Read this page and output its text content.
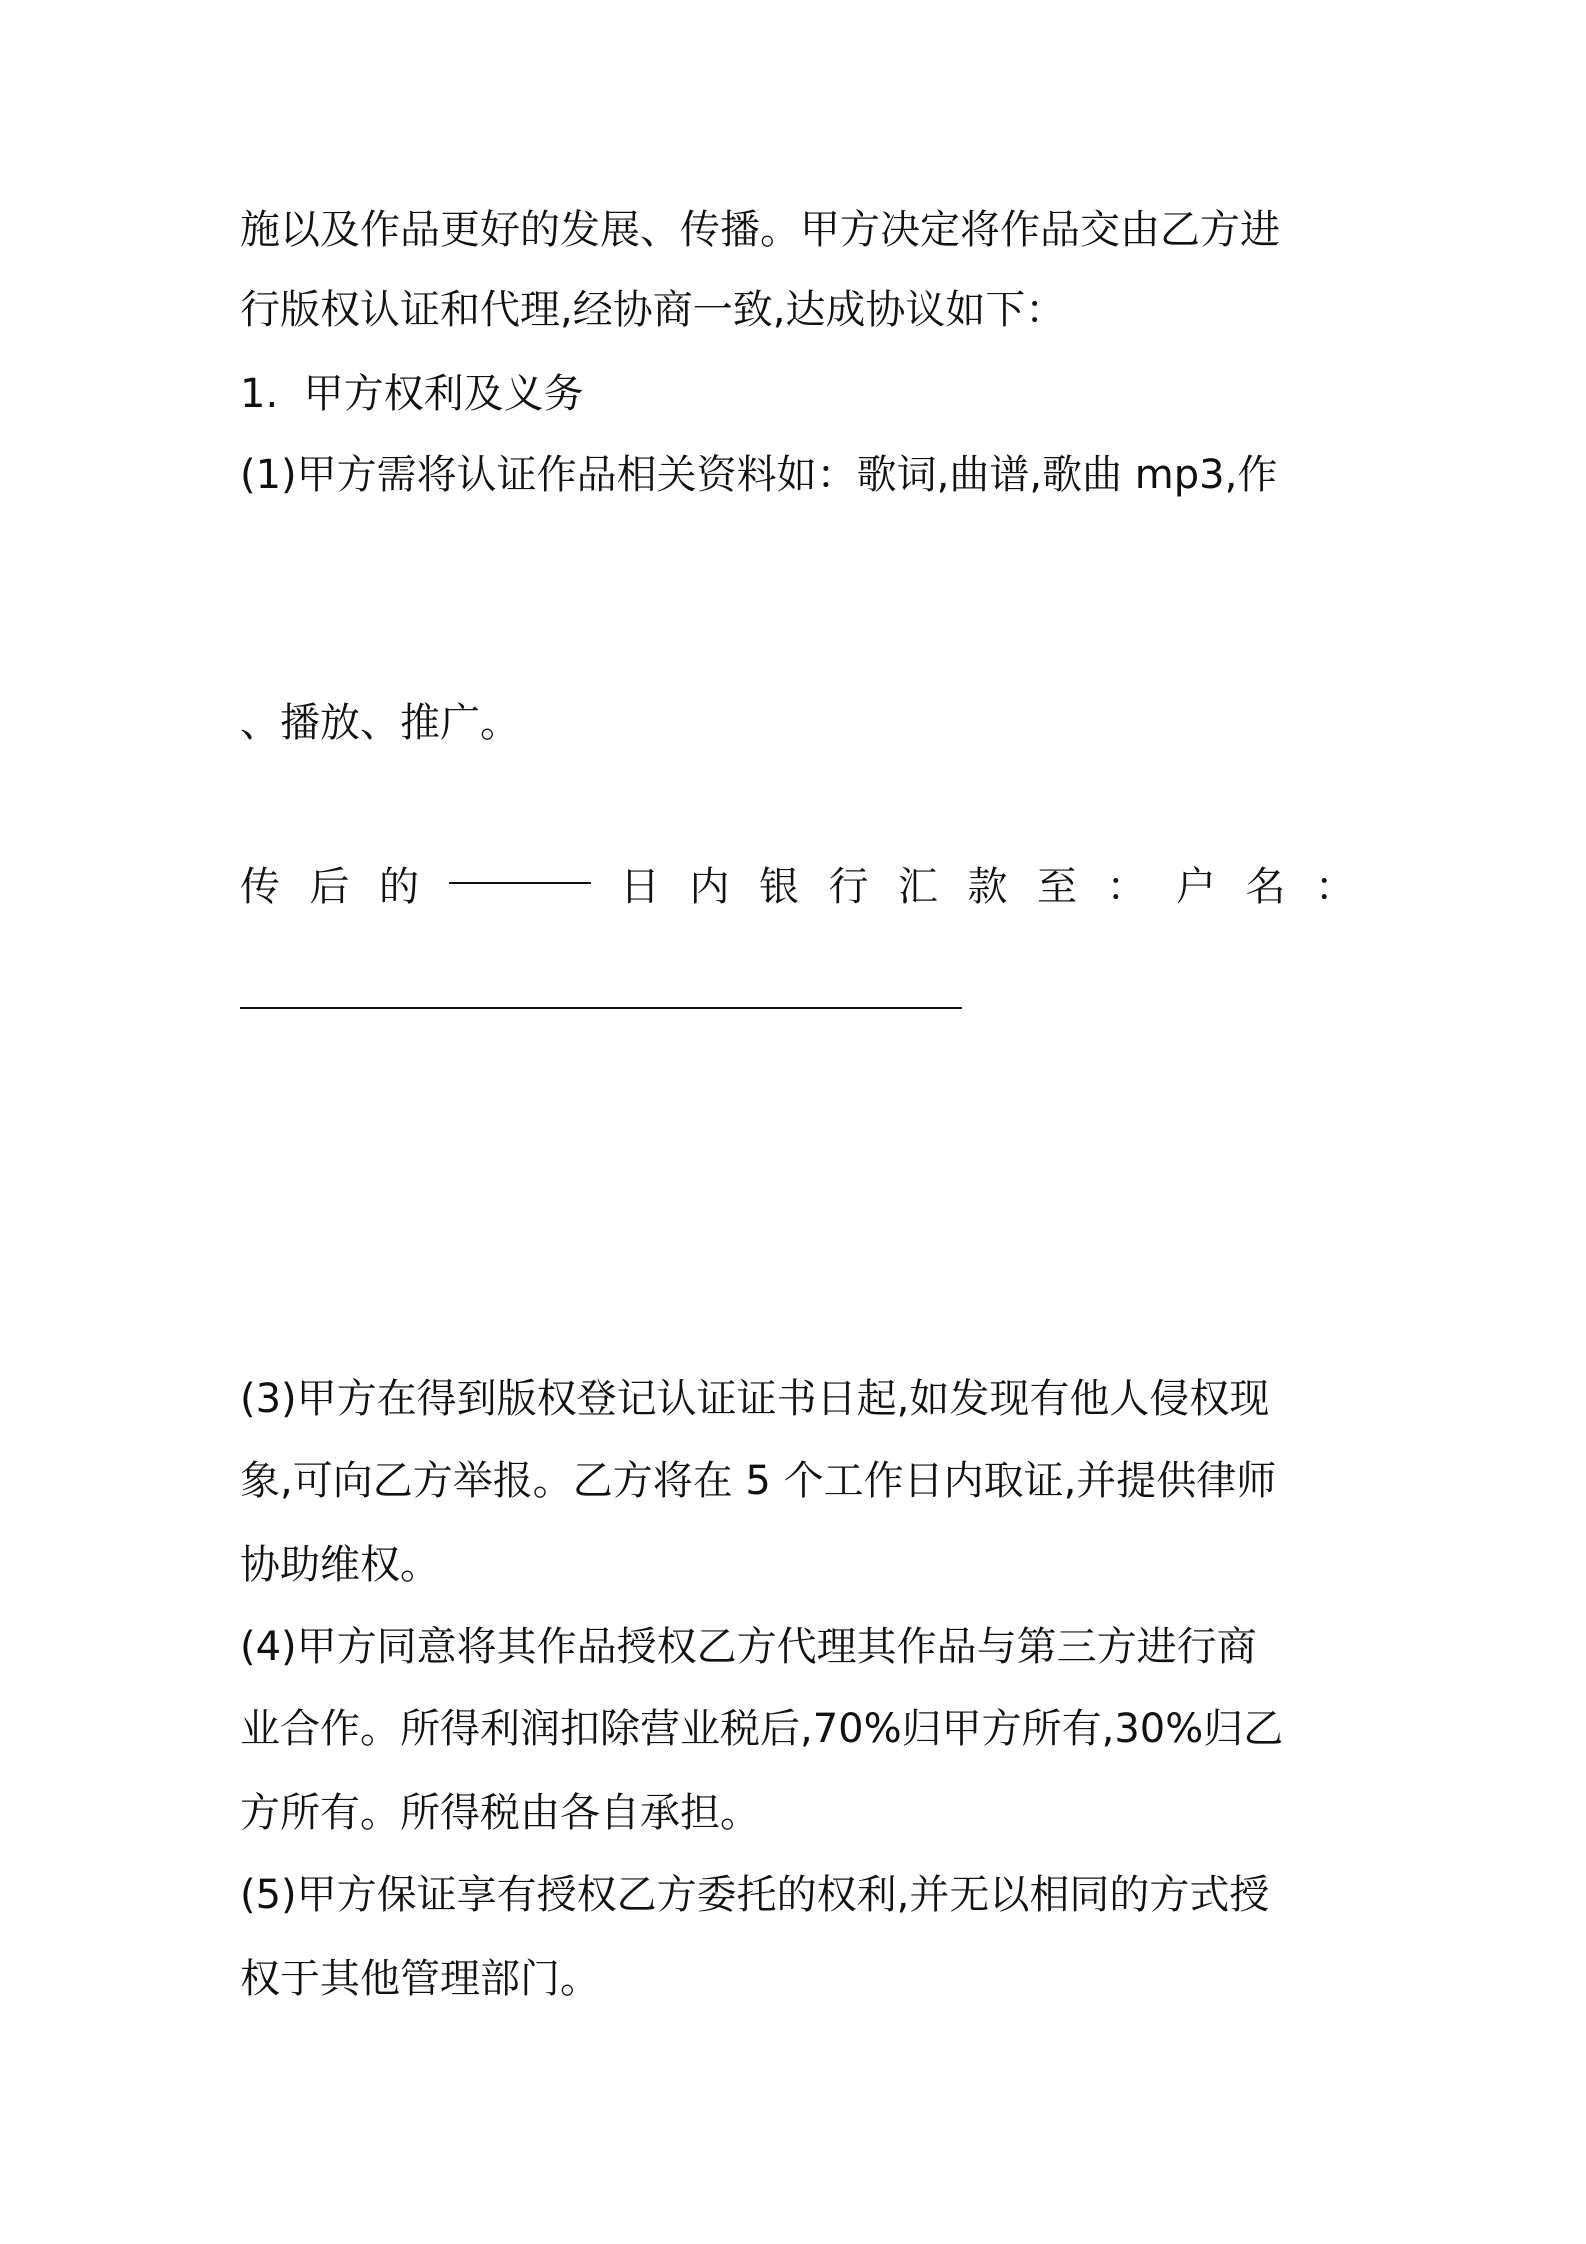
施以及作品更好的发展、传播。甲方决定将作品交由乙方进
行版权认证和代理,经协商一致,达成协议如下：
1.  甲方权利及义务
(1)甲方需将认证作品相关资料如：歌词,曲谱,歌曲 mp3,作

、播放、推广。

传 后 的	日 内 银 行 汇 款 至 ： 户 名 ：

(3)甲方在得到版权登记认证证书日起,如发现有他人侵权现
象,可向乙方举报。乙方将在 5 个工作日内取证,并提供律师
协助维权。
(4)甲方同意将其作品授权乙方代理其作品与第三方进行商
业合作。所得利润扣除营业税后,70%归甲方所有,30%归乙
方所有。所得税由各自承担。
(5)甲方保证享有授权乙方委托的权利,并无以相同的方式授
权于其他管理部门。
